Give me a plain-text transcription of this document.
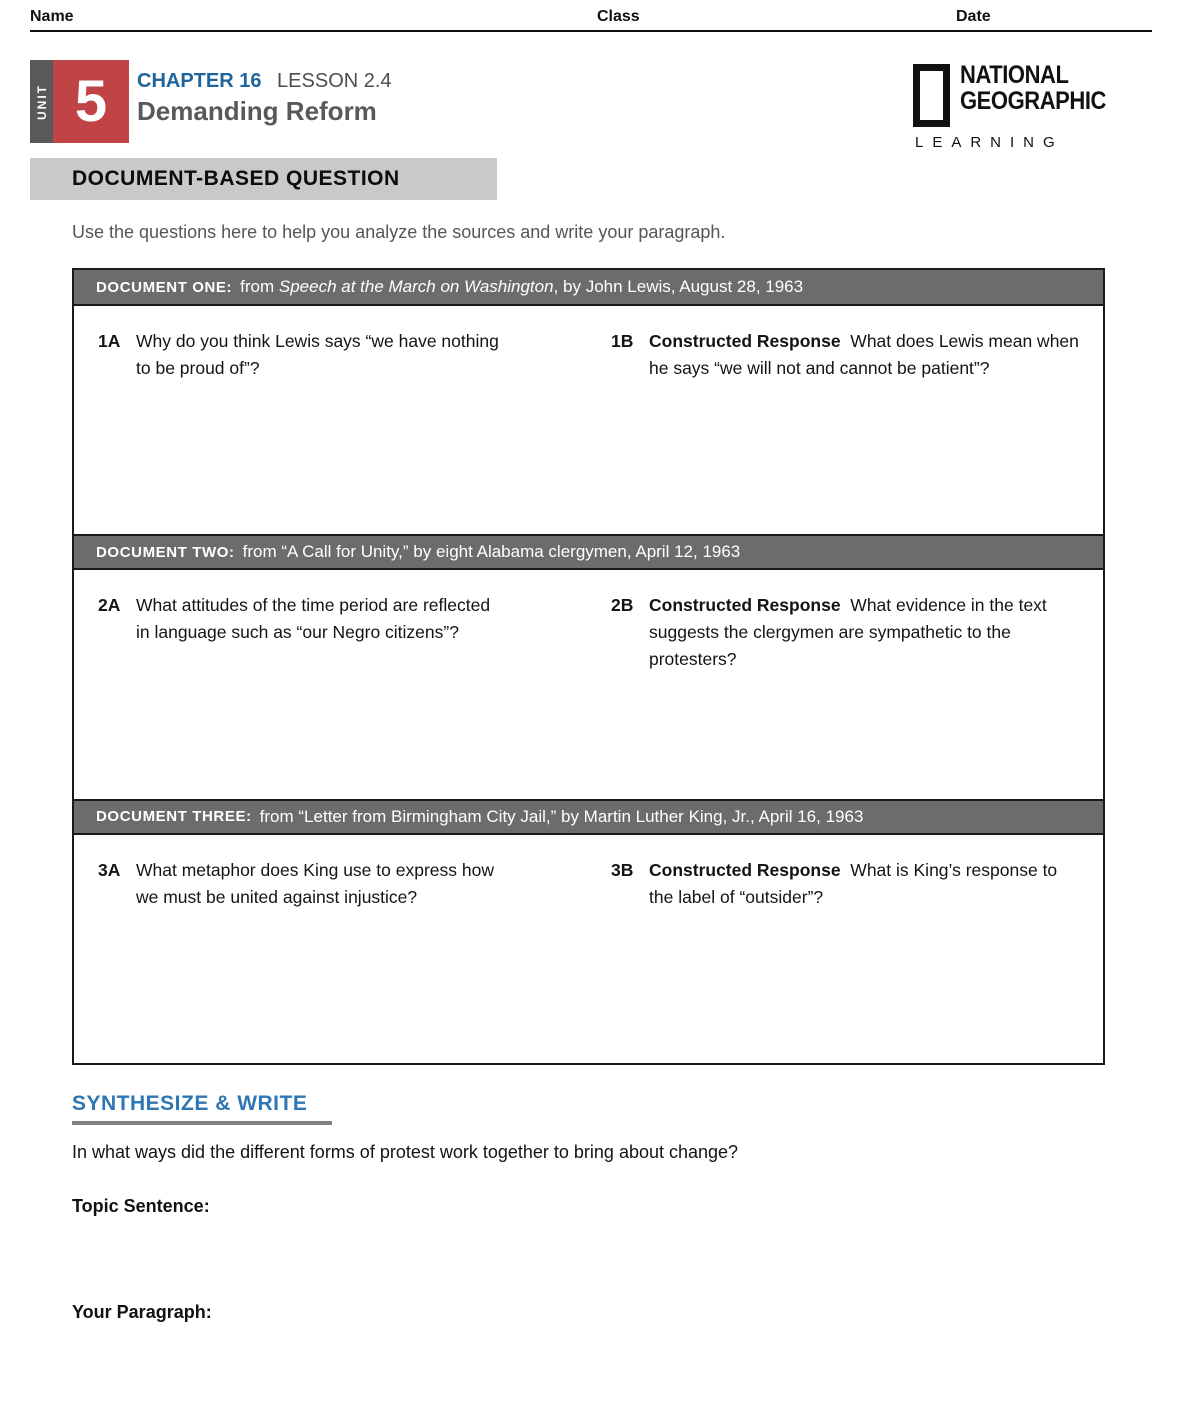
Name	Class	Date
UNIT 5	CHAPTER 16 LESSON 2.4
Demanding Reform
NATIONAL
GEOGRAPHIC
LEARNING
DOCUMENT-BASED QUESTION
Use the questions here to help you analyze the sources and write your paragraph.
DOCUMENT ONE: from Speech at the March on Washington, by John Lewis, August 28, 1963
1A Why do you think Lewis says “we have nothing to be proud of”?
1B Constructed Response What does Lewis mean when he says “we will not and cannot be patient”?
DOCUMENT TWO: from “A Call for Unity,” by eight Alabama clergymen, April 12, 1963
2A What attitudes of the time period are reflected in language such as “our Negro citizens”?
2B Constructed Response What evidence in the text suggests the clergymen are sympathetic to the protesters?
DOCUMENT THREE: from “Letter from Birmingham City Jail,” by Martin Luther King, Jr., April 16, 1963
3A What metaphor does King use to express how we must be united against injustice?
3B Constructed Response What is King’s response to the label of “outsider”?
SYNTHESIZE & WRITE
In what ways did the different forms of protest work together to bring about change?
Topic Sentence:
Your Paragraph:
